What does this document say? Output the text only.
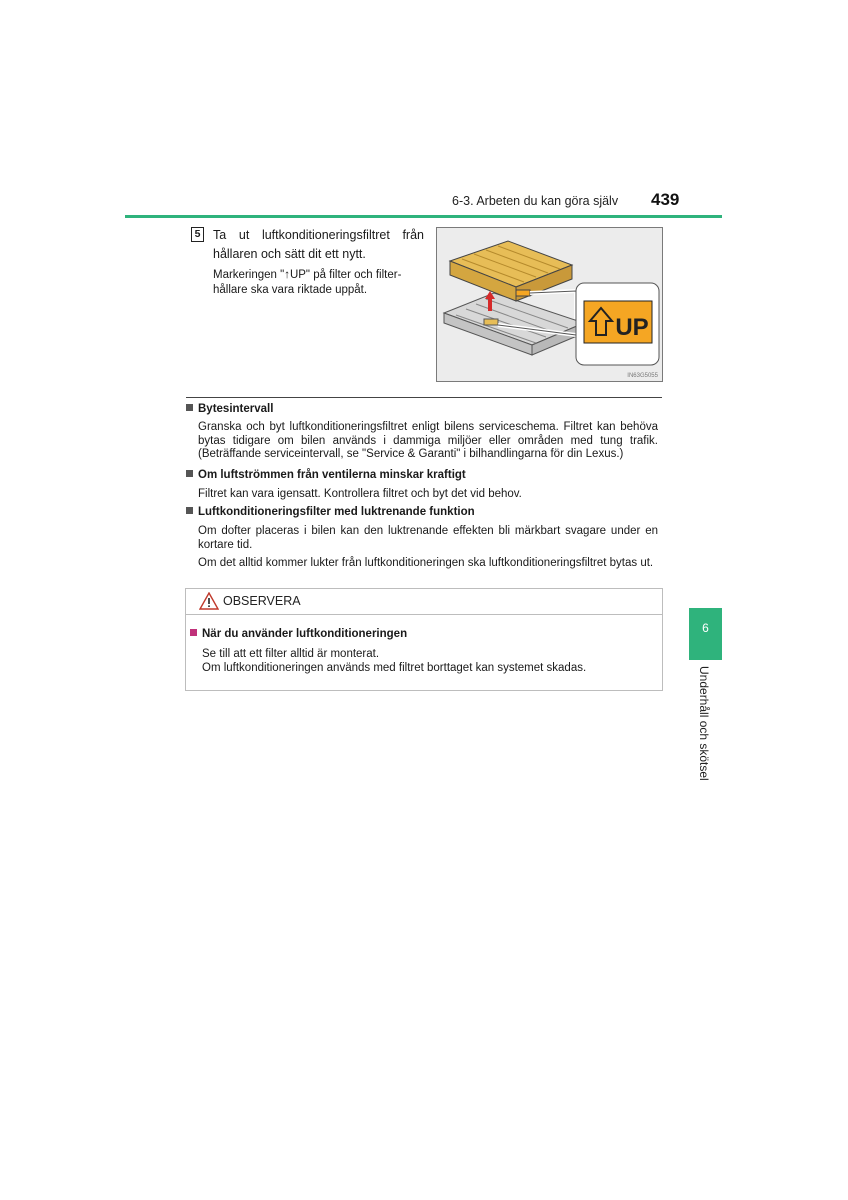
6-3. Arbeten du kan göra själv 439
5 Ta ut luftkonditioneringsfiltret från hållaren och sätt dit ett nytt.
Markeringen "↑UP" på filter och filter-hållare ska vara riktade uppåt.
UP
IN63G5055
Bytesintervall
Granska och byt luftkonditioneringsfiltret enligt bilens serviceschema. Filtret kan behöva bytas tidigare om bilen används i dammiga miljöer eller områden med tung trafik. (Beträffande serviceintervall, se "Service & Garanti" i bilhandlingarna för din Lexus.)
Om luftströmmen från ventilerna minskar kraftigt
Filtret kan vara igensatt. Kontrollera filtret och byt det vid behov.
Luftkonditioneringsfilter med luktrenande funktion
Om dofter placeras i bilen kan den luktrenande effekten bli märkbart svagare under en kortare tid.
Om det alltid kommer lukter från luftkonditioneringen ska luftkonditioneringsfiltret bytas ut.
OBSERVERA
När du använder luftkonditioneringen
Se till att ett filter alltid är monterat.
Om luftkonditioneringen används med filtret borttaget kan systemet skadas.
6
Underhåll och skötsel
